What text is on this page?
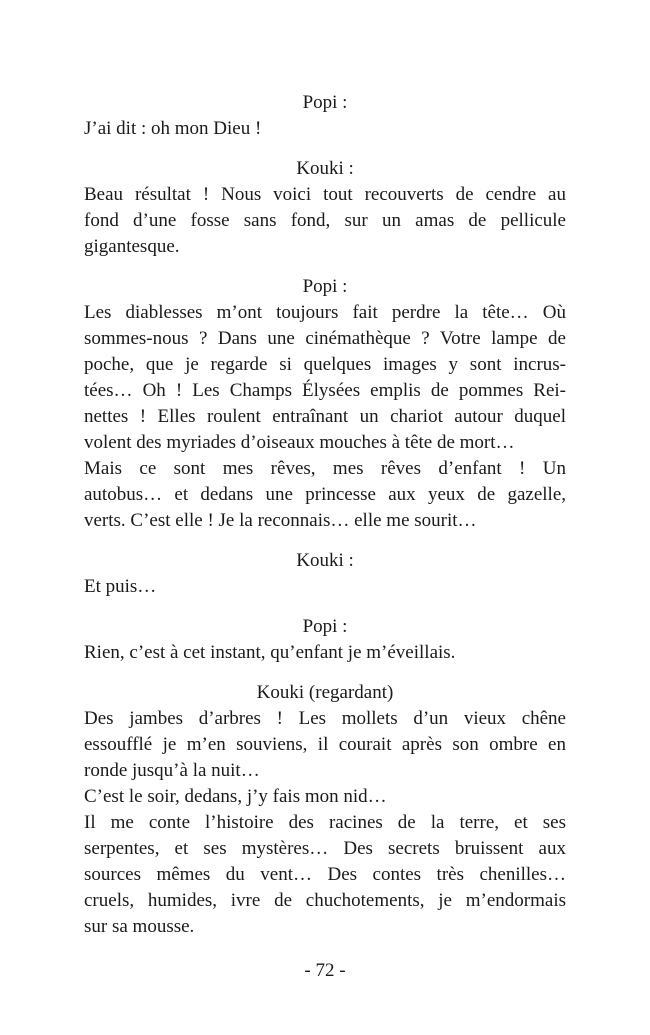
Popi :

J’ai dit : oh mon Dieu !

Kouki :

Beau résultat ! Nous voici tout recouverts de cendre au
fond d’une fosse sans fond, sur un amas de pellicule
gigantesque.

Popi :

Les diablesses m’ont toujours fait perdre la tête… Où
sommes-nous ? Dans une cinémathèque ? Votre lampe de
poche, que je regarde si quelques images y sont incrus-
tées… Oh ! Les Champs Élysées emplis de pommes Rei-
nettes ! Elles roulent entraînant un chariot autour duquel
volent des myriades d’oiseaux mouches à tête de mort…
Mais ce sont mes rêves, mes rêves d’enfant ! Un
autobus… et dedans une princesse aux yeux de gazelle,
verts. C’est elle ! Je la reconnais… elle me sourit…

Kouki :

Et puis…

Popi :

Rien, c’est à cet instant, qu’enfant je m’éveillais.

Kouki (regardant)

Des jambes d’arbres ! Les mollets d’un vieux chêne
essoufflé je m’en souviens, il courait après son ombre en
ronde jusqu’à la nuit…
C’est le soir, dedans, j’y fais mon nid…
Il me conte l’histoire des racines de la terre, et ses
serpentes, et ses mystères… Des secrets bruissent aux
sources mêmes du vent… Des contes très chenilles…
cruels, humides, ivre de chuchotements, je m’endormais
sur sa mousse.
- 72 -
